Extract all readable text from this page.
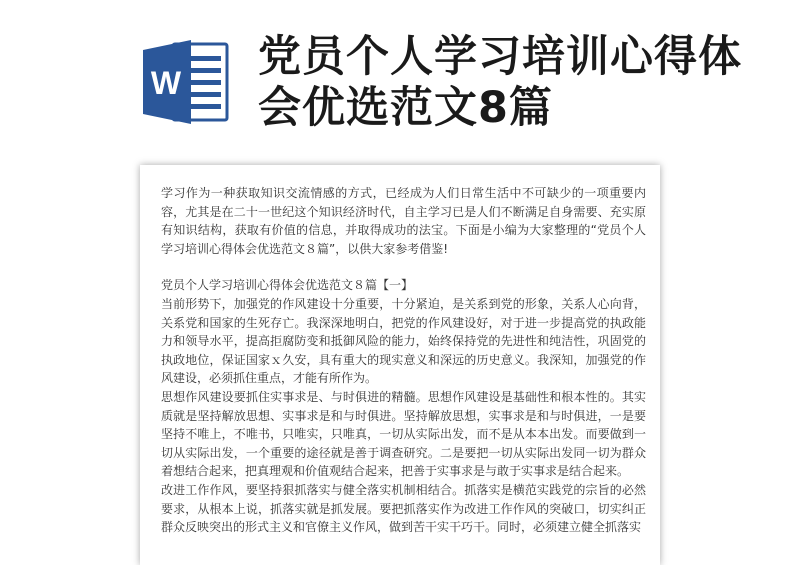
W
党员个人学习培训心得体会优选范文8篇

学习作为一种获取知识交流情感的方式，已经成为人们日常生活中不可缺少的一项重要内容，尤其是在二十一世纪这个知识经济时代，自主学习已是人们不断满足自身需要、充实原有知识结构，获取有价值的信息，并取得成功的法宝。下面是小编为大家整理的“党员个人学习培训心得体会优选范文８篇”，以供大家参考借鉴!

党员个人学习培训心得体会优选范文８篇【一】

当前形势下，加强党的作风建设十分重要，十分紧迫，是关系到党的形象，关系人心向背，关系党和国家的生死存亡。我深深地明白，把党的作风建设好，对于进一步提高党的执政能力和领导水平，提高拒腐防变和抵御风险的能力，始终保持党的先进性和纯洁性，巩固党的执政地位，保证国家ｘ久安，具有重大的现实意义和深远的历史意义。我深知，加强党的作风建设，必须抓住重点，才能有所作为。

思想作风建设要抓住实事求是、与时俱进的精髓。思想作风建设是基础性和根本性的。其实质就是坚持解放思想、实事求是和与时俱进。坚持解放思想，实事求是和与时俱进，一是要坚持不唯上，不唯书，只唯实，只唯真，一切从实际出发，而不是从本本出发。而要做到一切从实际出发，一个重要的途径就是善于调查研究。二是要把一切从实际出发同一切为群众着想结合起来，把真理观和价值观结合起来，把善于实事求是与敢于实事求是结合起来。

改进工作作风，要坚持狠抓落实与健全落实机制相结合。抓落实是横范实践党的宗旨的必然要求，从根本上说，抓落实就是抓发展。要把抓落实作为改进工作作风的突破口，切实纠正群众反映突出的形式主义和官僚主义作风，做到苦干实干巧干。同时，必须建立健全抓落实
